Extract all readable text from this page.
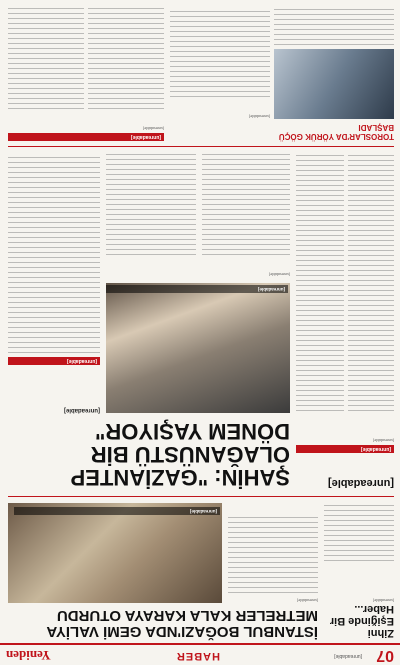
07
[unreadable]
HABER
Yeniden
İSTANBUL BOĞAZI'NDA GEMİ VALİYA METRELER KALA KARAYA OTURDU
[unreadable]
[unreadable]
Zihni Eşiğinde Bir Haber...
[unreadable]
ŞAHİN: "GAZİANTEP OLAĞANÜSTÜ BİR DÖNEM YAŞIYOR"
[unreadable]
[unreadable]
[unreadable]
[unreadable]
[unreadable]
[unreadable]
[unreadable]
TOROSLAR'DA YÖRÜK GÖÇÜ BAŞLADI
[unreadable]
[unreadable]
[unreadable]
